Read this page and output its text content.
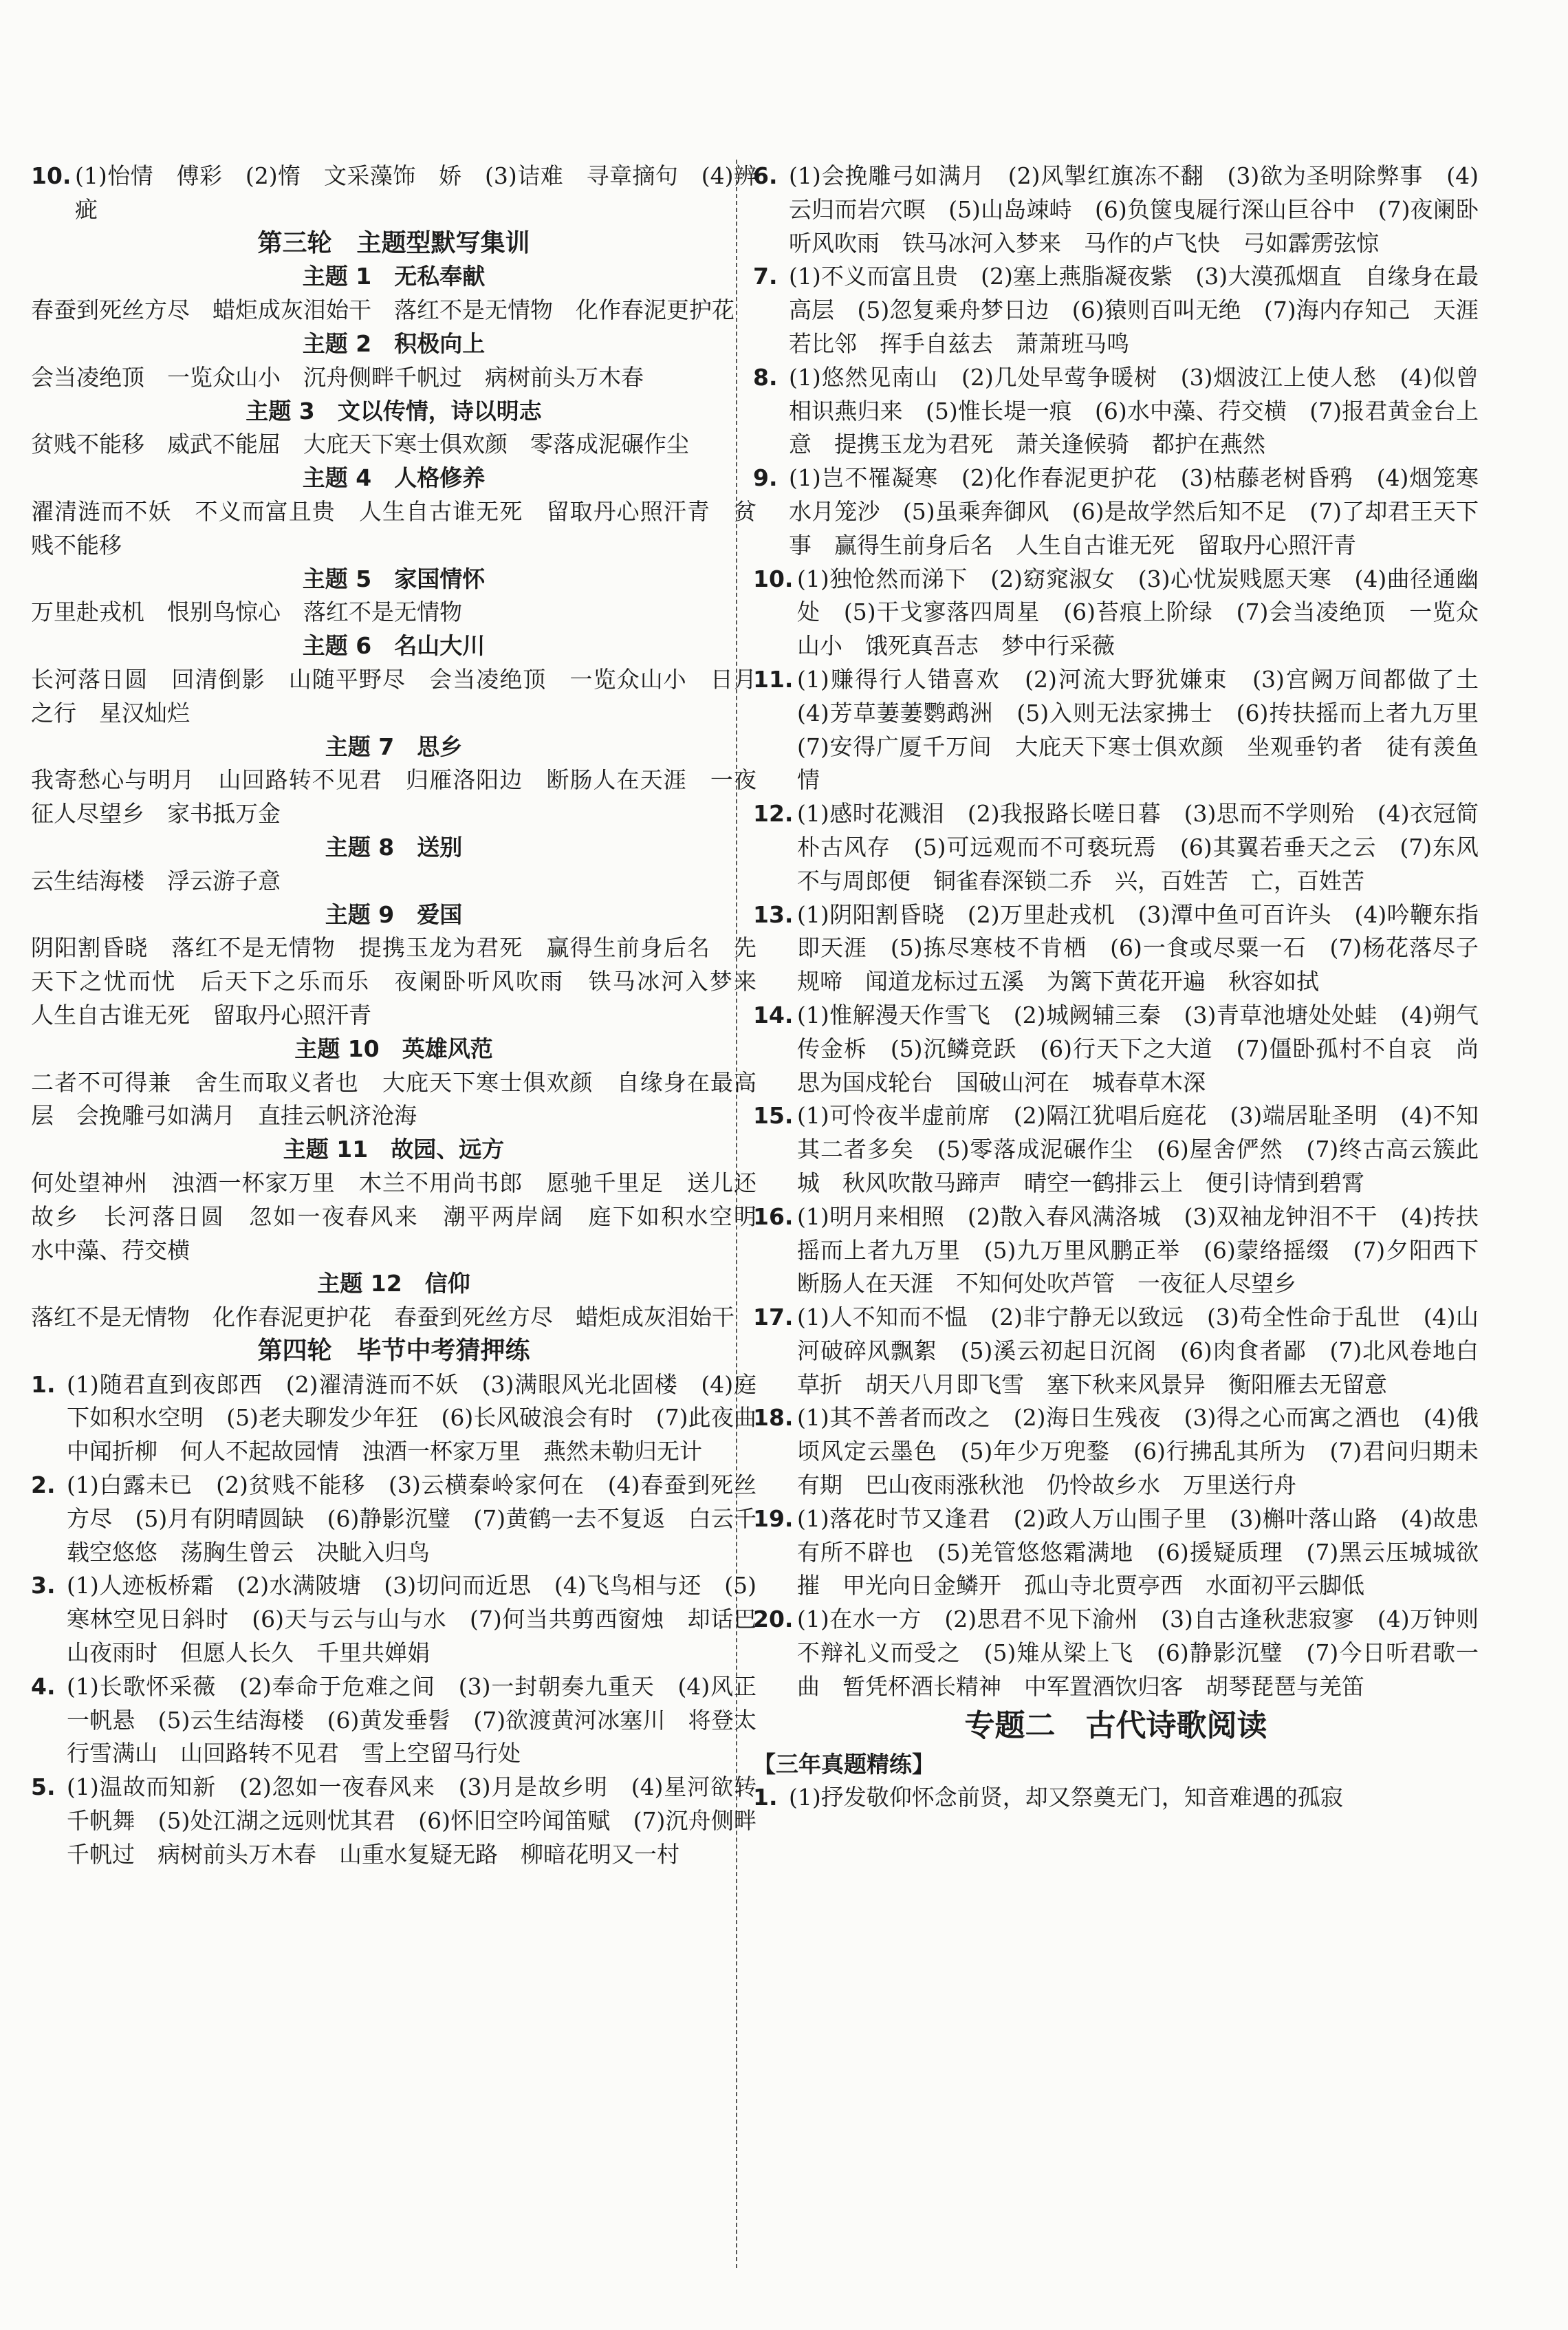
10. (1)怡情　傅彩　(2)惰　文采藻饰　娇　(3)诘难　寻章摘句　(4)辨　疵
第三轮　主题型默写集训
主题 1　无私奉献
春蚕到死丝方尽　蜡炬成灰泪始干　落红不是无情物　化作春泥更护花
主题 2　积极向上
会当凌绝顶　一览众山小　沉舟侧畔千帆过　病树前头万木春
主题 3　文以传情，诗以明志
贫贱不能移　威武不能屈　大庇天下寒士俱欢颜　零落成泥碾作尘
主题 4　人格修养
濯清涟而不妖　不义而富且贵　人生自古谁无死　留取丹心照汗青　贫贱不能移
主题 5　家国情怀
万里赴戎机　恨别鸟惊心　落红不是无情物
主题 6　名山大川
长河落日圆　回清倒影　山随平野尽　会当凌绝顶　一览众山小　日月之行　星汉灿烂
主题 7　思乡
我寄愁心与明月　山回路转不见君　归雁洛阳边　断肠人在天涯　一夜征人尽望乡　家书抵万金
主题 8　送别
云生结海楼　浮云游子意
主题 9　爱国
阴阳割昏晓　落红不是无情物　提携玉龙为君死　赢得生前身后名　先天下之忧而忧　后天下之乐而乐　夜阑卧听风吹雨　铁马冰河入梦来　人生自古谁无死　留取丹心照汗青
主题 10　英雄风范
二者不可得兼　舍生而取义者也　大庇天下寒士俱欢颜　自缘身在最高层　会挽雕弓如满月　直挂云帆济沧海
主题 11　故园、远方
何处望神州　浊酒一杯家万里　木兰不用尚书郎　愿驰千里足　送儿还故乡　长河落日圆　忽如一夜春风来　潮平两岸阔　庭下如积水空明　水中藻、荇交横
主题 12　信仰
落红不是无情物　化作春泥更护花　春蚕到死丝方尽　蜡炬成灰泪始干
第四轮　毕节中考猜押练
1. (1)随君直到夜郎西　(2)濯清涟而不妖　(3)满眼风光北固楼　(4)庭下如积水空明　(5)老夫聊发少年狂　(6)长风破浪会有时　(7)此夜曲中闻折柳　何人不起故园情　浊酒一杯家万里　燕然未勒归无计
2. (1)白露未已　(2)贫贱不能移　(3)云横秦岭家何在　(4)春蚕到死丝方尽　(5)月有阴晴圆缺　(6)静影沉璧　(7)黄鹤一去不复返　白云千载空悠悠　荡胸生曾云　决眦入归鸟
3. (1)人迹板桥霜　(2)水满陂塘　(3)切问而近思　(4)飞鸟相与还　(5)寒林空见日斜时　(6)天与云与山与水　(7)何当共剪西窗烛　却话巴山夜雨时　但愿人长久　千里共婵娟
4. (1)长歌怀采薇　(2)奉命于危难之间　(3)一封朝奏九重天　(4)风正一帆悬　(5)云生结海楼　(6)黄发垂髫　(7)欲渡黄河冰塞川　将登太行雪满山　山回路转不见君　雪上空留马行处
5. (1)温故而知新　(2)忽如一夜春风来　(3)月是故乡明　(4)星河欲转千帆舞　(5)处江湖之远则忧其君　(6)怀旧空吟闻笛赋　(7)沉舟侧畔千帆过　病树前头万木春　山重水复疑无路　柳暗花明又一村
6. (1)会挽雕弓如满月　(2)风掣红旗冻不翻　(3)欲为圣明除弊事　(4)云归而岩穴暝　(5)山岛竦峙　(6)负箧曳屣行深山巨谷中　(7)夜阑卧听风吹雨　铁马冰河入梦来　马作的卢飞快　弓如霹雳弦惊
7. (1)不义而富且贵　(2)塞上燕脂凝夜紫　(3)大漠孤烟直　自缘身在最高层　(5)忽复乘舟梦日边　(6)猿则百叫无绝　(7)海内存知己　天涯若比邻　挥手自兹去　萧萧班马鸣
8. (1)悠然见南山　(2)几处早莺争暖树　(3)烟波江上使人愁　(4)似曾相识燕归来　(5)惟长堤一痕　(6)水中藻、荇交横　(7)报君黄金台上意　提携玉龙为君死　萧关逢候骑　都护在燕然
9. (1)岂不罹凝寒　(2)化作春泥更护花　(3)枯藤老树昏鸦　(4)烟笼寒水月笼沙　(5)虽乘奔御风　(6)是故学然后知不足　(7)了却君王天下事　赢得生前身后名　人生自古谁无死　留取丹心照汗青
10. (1)独怆然而涕下　(2)窈窕淑女　(3)心忧炭贱愿天寒　(4)曲径通幽处　(5)干戈寥落四周星　(6)苔痕上阶绿　(7)会当凌绝顶　一览众山小　饿死真吾志　梦中行采薇
11. (1)赚得行人错喜欢　(2)河流大野犹嫌束　(3)宫阙万间都做了土　(4)芳草萋萋鹦鹉洲　(5)入则无法家拂士　(6)抟扶摇而上者九万里　(7)安得广厦千万间　大庇天下寒士俱欢颜　坐观垂钓者　徒有羡鱼情
12. (1)感时花溅泪　(2)我报路长嗟日暮　(3)思而不学则殆　(4)衣冠简朴古风存　(5)可远观而不可亵玩焉　(6)其翼若垂天之云　(7)东风不与周郎便　铜雀春深锁二乔　兴，百姓苦　亡，百姓苦
13. (1)阴阳割昏晓　(2)万里赴戎机　(3)潭中鱼可百许头　(4)吟鞭东指即天涯　(5)拣尽寒枝不肯栖　(6)一食或尽粟一石　(7)杨花落尽子规啼　闻道龙标过五溪　为篱下黄花开遍　秋容如拭
14. (1)惟解漫天作雪飞　(2)城阙辅三秦　(3)青草池塘处处蛙　(4)朔气传金柝　(5)沉鳞竞跃　(6)行天下之大道　(7)僵卧孤村不自哀　尚思为国戍轮台　国破山河在　城春草木深
15. (1)可怜夜半虚前席　(2)隔江犹唱后庭花　(3)端居耻圣明　(4)不知其二者多矣　(5)零落成泥碾作尘　(6)屋舍俨然　(7)终古高云簇此城　秋风吹散马蹄声　晴空一鹤排云上　便引诗情到碧霄
16. (1)明月来相照　(2)散入春风满洛城　(3)双袖龙钟泪不干　(4)抟扶摇而上者九万里　(5)九万里风鹏正举　(6)蒙络摇缀　(7)夕阳西下　断肠人在天涯　不知何处吹芦管　一夜征人尽望乡
17. (1)人不知而不愠　(2)非宁静无以致远　(3)苟全性命于乱世　(4)山河破碎风飘絮　(5)溪云初起日沉阁　(6)肉食者鄙　(7)北风卷地白草折　胡天八月即飞雪　塞下秋来风景异　衡阳雁去无留意
18. (1)其不善者而改之　(2)海日生残夜　(3)得之心而寓之酒也　(4)俄顷风定云墨色　(5)年少万兜鍪　(6)行拂乱其所为　(7)君问归期未有期　巴山夜雨涨秋池　仍怜故乡水　万里送行舟
19. (1)落花时节又逢君　(2)政人万山围子里　(3)槲叶落山路　(4)故患有所不辟也　(5)羌管悠悠霜满地　(6)援疑质理　(7)黑云压城城欲摧　甲光向日金鳞开　孤山寺北贾亭西　水面初平云脚低
20. (1)在水一方　(2)思君不见下渝州　(3)自古逢秋悲寂寥　(4)万钟则不辩礼义而受之　(5)雉从梁上飞　(6)静影沉璧　(7)今日听君歌一曲　暂凭杯酒长精神　中军置酒饮归客　胡琴琵琶与羌笛
专题二　古代诗歌阅读
【三年真题精练】
1. (1)抒发敬仰怀念前贤，却又祭奠无门，知音难遇的孤寂
